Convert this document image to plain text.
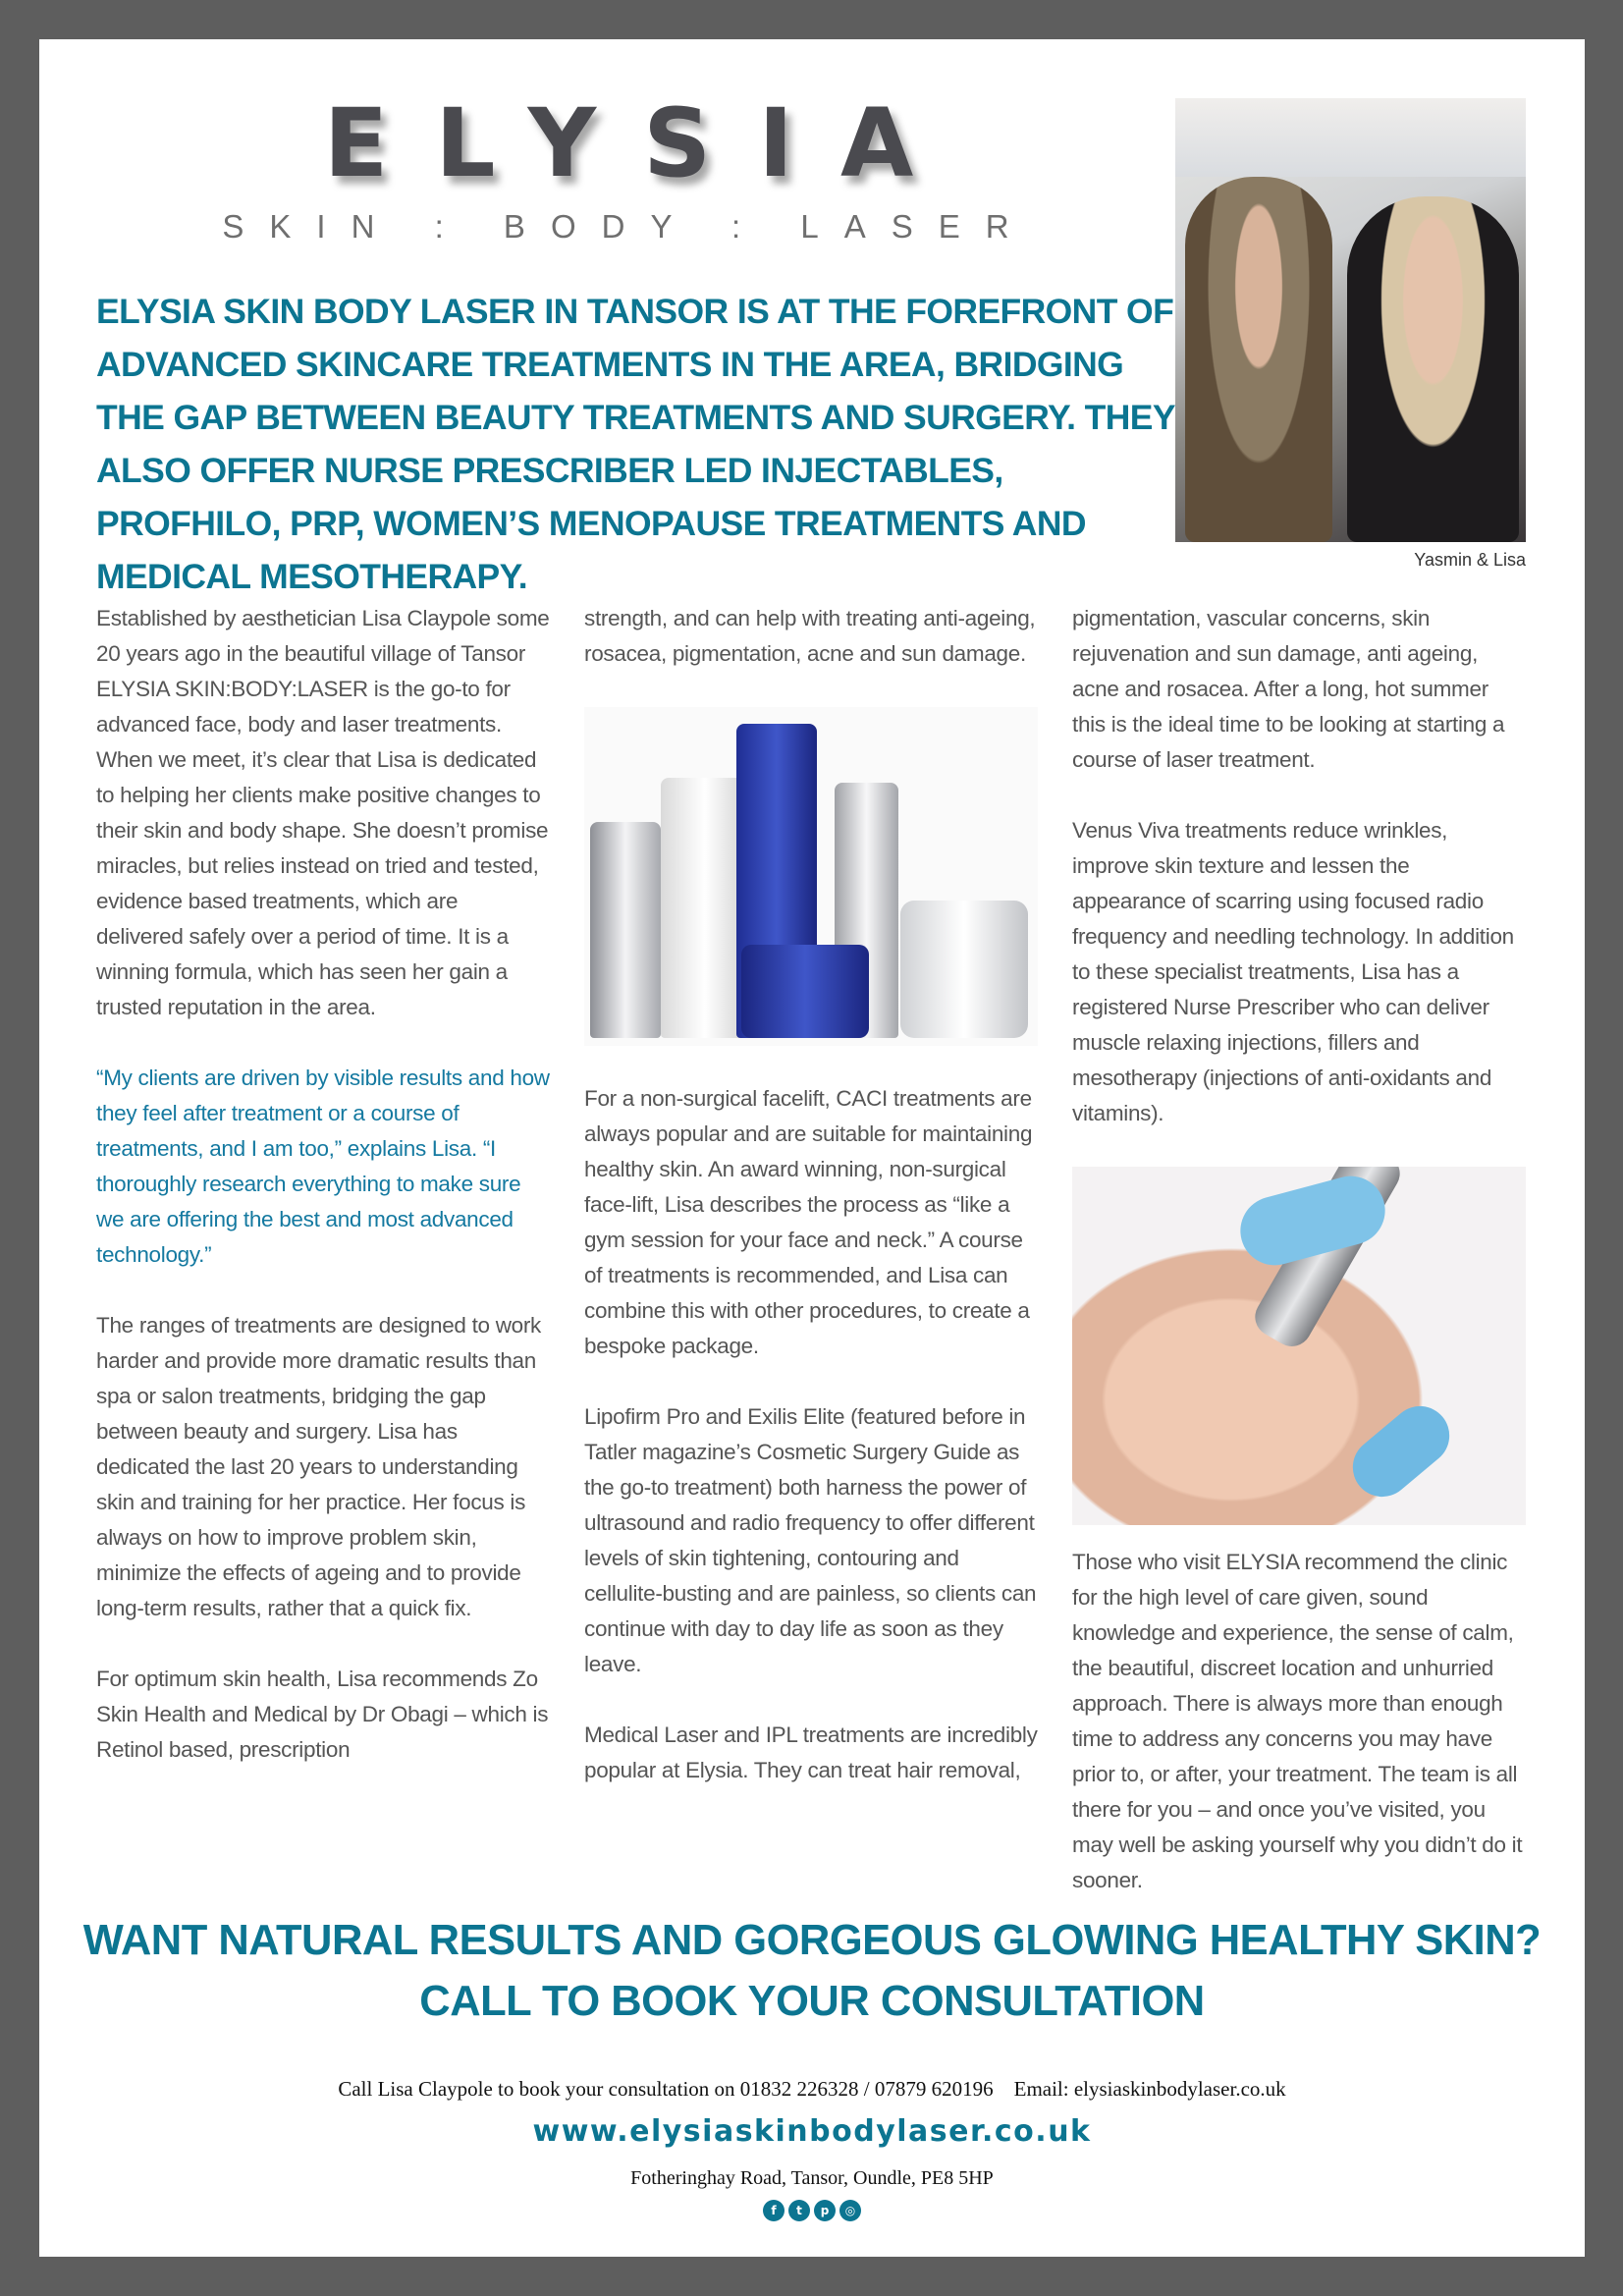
ELYSIA
SKIN : BODY : LASER
ELYSIA SKIN BODY LASER IN TANSOR IS AT THE FOREFRONT OF ADVANCED SKINCARE TREATMENTS IN THE AREA, BRIDGING THE GAP BETWEEN BEAUTY TREATMENTS AND SURGERY. THEY ALSO OFFER NURSE PRESCRIBER LED INJECTABLES, PROFHILO, PRP, WOMEN’S MENOPAUSE TREATMENTS AND MEDICAL MESOTHERAPY.	Yasmin & Lisa

Established by aesthetician Lisa Claypole some 20 years ago in the beautiful village of Tansor ELYSIA SKIN:BODY:LASER is the go-to for advanced face, body and laser treatments. When we meet, it’s clear that Lisa is dedicated to helping her clients make positive changes to their skin and body shape. She doesn’t promise miracles, but relies instead on tried and tested, evidence based treatments, which are delivered safely over a period of time. It is a winning formula, which has seen her gain a trusted reputation in the area.

“My clients are driven by visible results and how they feel after treatment or a course of treatments, and I am too,” explains Lisa. “I thoroughly research everything to make sure we are offering the best and most advanced technology.”

The ranges of treatments are designed to work harder and provide more dramatic results than spa or salon treatments, bridging the gap between beauty and surgery. Lisa has dedicated the last 20 years to understanding skin and training for her practice. Her focus is always on how to improve problem skin, minimize the effects of ageing and to provide long-term results, rather that a quick fix.

For optimum skin health, Lisa recommends Zo Skin Health and Medical by Dr Obagi – which is Retinol based, prescription

strength, and can help with treating anti-ageing, rosacea, pigmentation, acne and sun damage.

For a non-surgical facelift, CACI treatments are always popular and are suitable for maintaining healthy skin. An award winning, non-surgical face-lift, Lisa describes the process as “like a gym session for your face and neck.” A course of treatments is recommended, and Lisa can combine this with other procedures, to create a bespoke package.

Lipofirm Pro and Exilis Elite (featured before in Tatler magazine’s Cosmetic Surgery Guide as the go-to treatment) both harness the power of ultrasound and radio frequency to offer different levels of skin tightening, contouring and cellulite-busting and are painless, so clients can continue with day to day life as soon as they leave.

Medical Laser and IPL treatments are incredibly popular at Elysia. They can treat hair removal,

pigmentation, vascular concerns, skin rejuvenation and sun damage, anti ageing, acne and rosacea. After a long, hot summer this is the ideal time to be looking at starting a course of laser treatment.

Venus Viva treatments reduce wrinkles, improve skin texture and lessen the appearance of scarring using focused radio frequency and needling technology. In addition to these specialist treatments, Lisa has a registered Nurse Prescriber who can deliver muscle relaxing injections, fillers and mesotherapy (injections of anti-oxidants and vitamins).

Those who visit ELYSIA recommend the clinic for the high level of care given, sound knowledge and experience, the sense of calm, the beautiful, discreet location and unhurried approach. There is always more than enough time to address any concerns you may have prior to, or after, your treatment. The team is all there for you – and once you’ve visited, you may well be asking yourself why you didn’t do it sooner.

WANT NATURAL RESULTS AND GORGEOUS GLOWING HEALTHY SKIN?
CALL TO BOOK YOUR CONSULTATION
Call Lisa Claypole to book your consultation on 01832 226328 / 07879 620196    Email: elysiaskinbodylaser.co.uk
www.elysiaskinbodylaser.co.uk
Fotheringhay Road, Tansor, Oundle, PE8 5HP
f t p ◎
